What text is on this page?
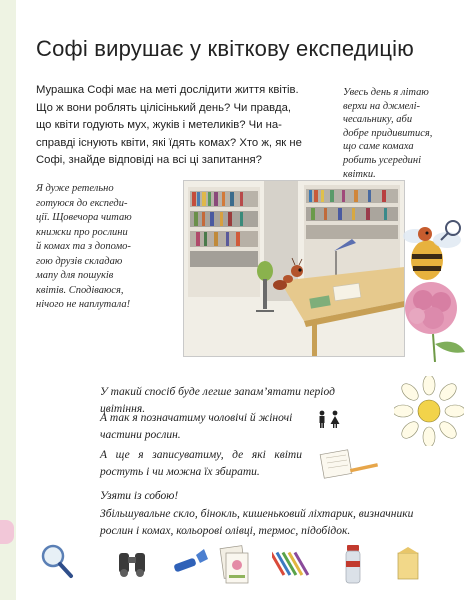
Софі вирушає у квіткову експедицію
Мурашка Софі має на меті дослідити життя квітів.
Що ж вони роблять цілісінький день? Чи правда,
що квіти годують мух, жуків і метеликів? Чи на-
справді існують квіти, які їдять комах? Хто ж, як не
Софі, знайде відповіді на всі ці запитання?
Увесь день я літаю
верхи на джмелі-
чесальнику, аби
добре придивитися,
що саме комаха
робить усередині
квітки.
Я дуже ретельно
готуюся до експеди-
ції. Щовечора читаю
книжки про рослини
й комах та з допомо-
гою друзів складаю
мапу для пошуків
квітів. Сподіваюся,
нічого не наплутала!
У такий спосіб буде легше запам’ятати період цвітіння.
А так я позначатиму чоловічі й жіночі частини рослин.
А ще я записуватиму, де які квіти ростуть і чи можна їх збирати.
Узяти із собою!
Збільшувальне скло, бінокль, кишеньковий ліхтарик, визначники рослин і комах, кольорові олівці, термос, підобідок.
